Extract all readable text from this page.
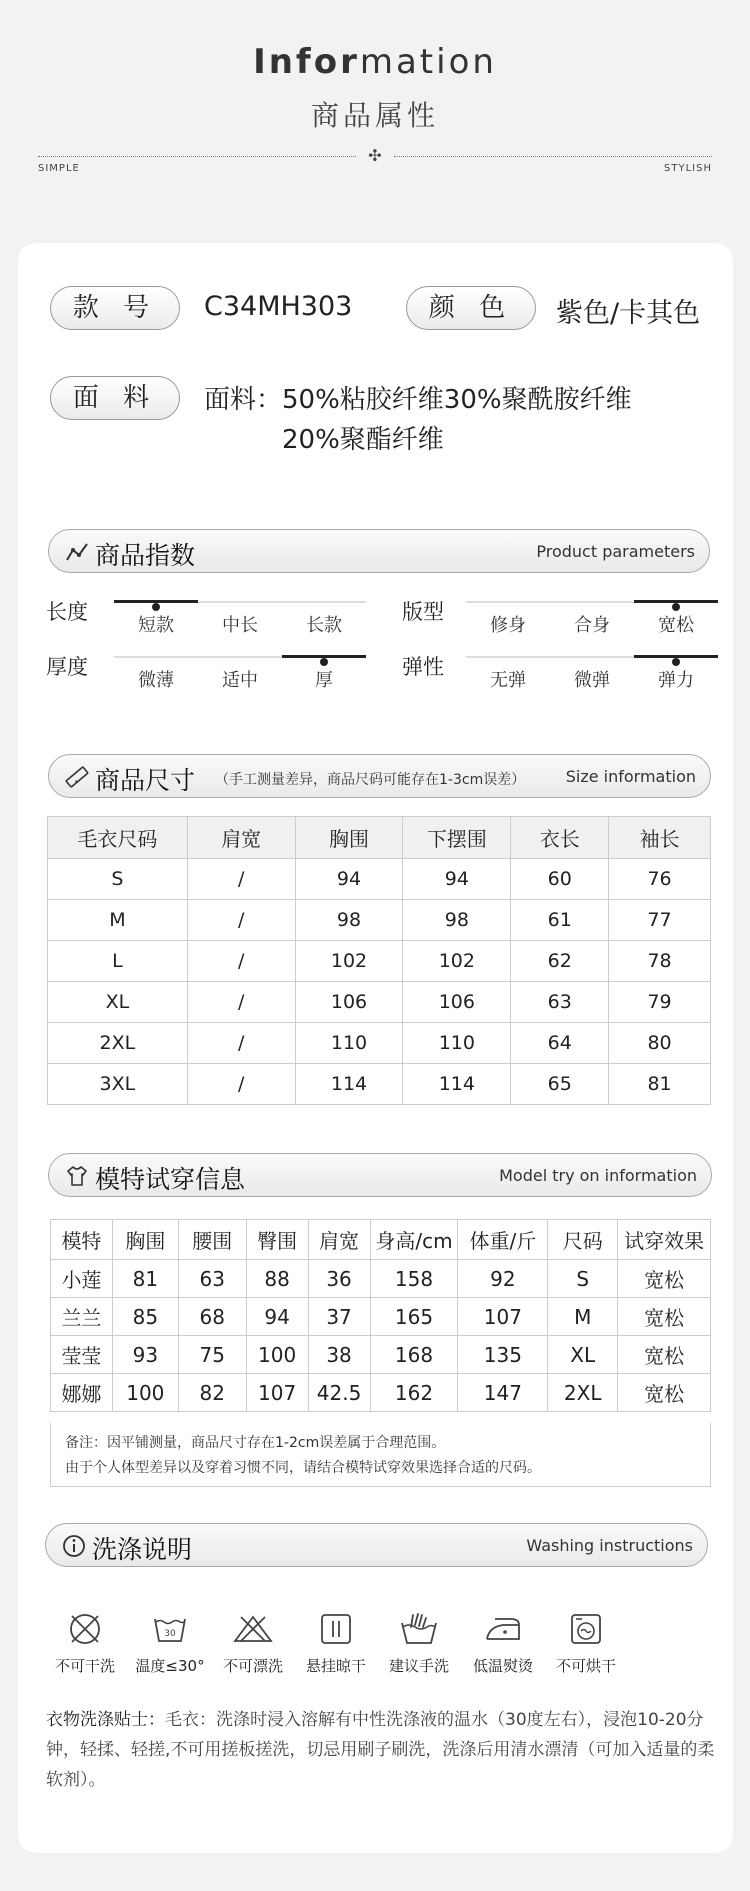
Information
商品属性
✣
SIMPLE	STYLISH
款 号	C34MH303	颜 色	紫色/卡其色
面 料	面料：50%粘胶纤维30%聚酰胺纤维
20%聚酯纤维
商品指数	Product parameters
长度
短款	中长	长款
版型
修身	合身	宽松
厚度
微薄	适中	厚
弹性
无弹	微弹	弹力
商品尺寸 （手工测量差异，商品尺码可能存在1-3cm误差）	Size information
毛衣尺码	肩宽	胸围	下摆围	衣长	袖长
S	/	94	94	60	76
M	/	98	98	61	77
L	/	102	102	62	78
XL	/	106	106	63	79
2XL	/	110	110	64	80
3XL	/	114	114	65	81
模特试穿信息	Model try on information
模特	胸围	腰围	臀围	肩宽	身高/cm	体重/斤	尺码	试穿效果
小莲	81	63	88	36	158	92	S	宽松
兰兰	85	68	94	37	165	107	M	宽松
莹莹	93	75	100	38	168	135	XL	宽松
娜娜	100	82	107	42.5	162	147	2XL	宽松
备注：因平铺测量，商品尺寸存在1-2cm误差属于合理范围。
由于个人体型差异以及穿着习惯不同，请结合模特试穿效果选择合适的尺码。
洗涤说明	Washing instructions
不可干洗
30
温度≤30°	不可漂洗	悬挂晾干	建议手洗	低温熨烫	不可烘干
衣物洗涤贴士：毛衣：洗涤时浸入溶解有中性洗涤液的温水（30度左右），浸泡10-20分钟，轻揉、轻搓,不可用搓板搓洗，切忌用刷子刷洗，洗涤后用清水漂清（可加入适量的柔软剂）。
